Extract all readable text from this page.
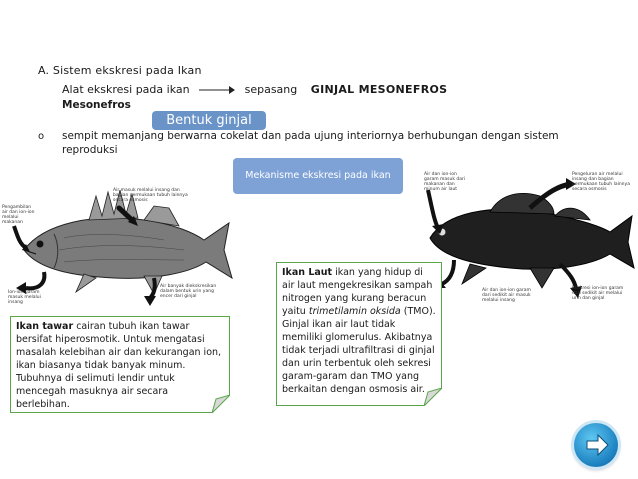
A. Sistem ekskresi pada Ikan
Alat ekskresi pada ikan	sepasang GINJAL MESONEFROS
Mesonefros
Bentuk ginjal
o sempit memanjang berwarna cokelat dan pada ujung interiornya berhubungan dengan sistem reproduksi
Mekanisme ekskresi pada ikan
Air masuk melalui insang dan bagian permukaan tubuh lainnya secara osmosis
Pengambilan air dan ion-ion melalui makanan
Ion-ion garam masuk melalui insang
Air banyak diekskresikan dalam bentuk urin yang encer dari ginjal
Air dan ion-ion garam masuk dari makanan dan minum air laut
Pengeluran air melalui insang dan bagian permukaan tubuh lainnya secara osmosis
Air dan ion-ion garam dari sedikit air masuk melalui insang
Ekskresi ion-ion garam dari sedikit air melalui urin dan ginjal
Ikan tawar cairan tubuh ikan tawar bersifat hiperosmotik. Untuk mengatasi masalah kelebihan air dan kekurangan ion, ikan biasanya tidak banyak minum. Tubuhnya di selimuti lendir untuk mencegah masuknya air secara berlebihan.
Ikan Laut ikan yang hidup di air laut mengekresikan sampah nitrogen yang kurang beracun yaitu trimetilamin oksida (TMO). Ginjal ikan air laut tidak memiliki glomerulus. Akibatnya tidak terjadi ultrafiltrasi di ginjal dan urin terbentuk oleh sekresi garam-garam dan TMO yang berkaitan dengan osmosis air.
